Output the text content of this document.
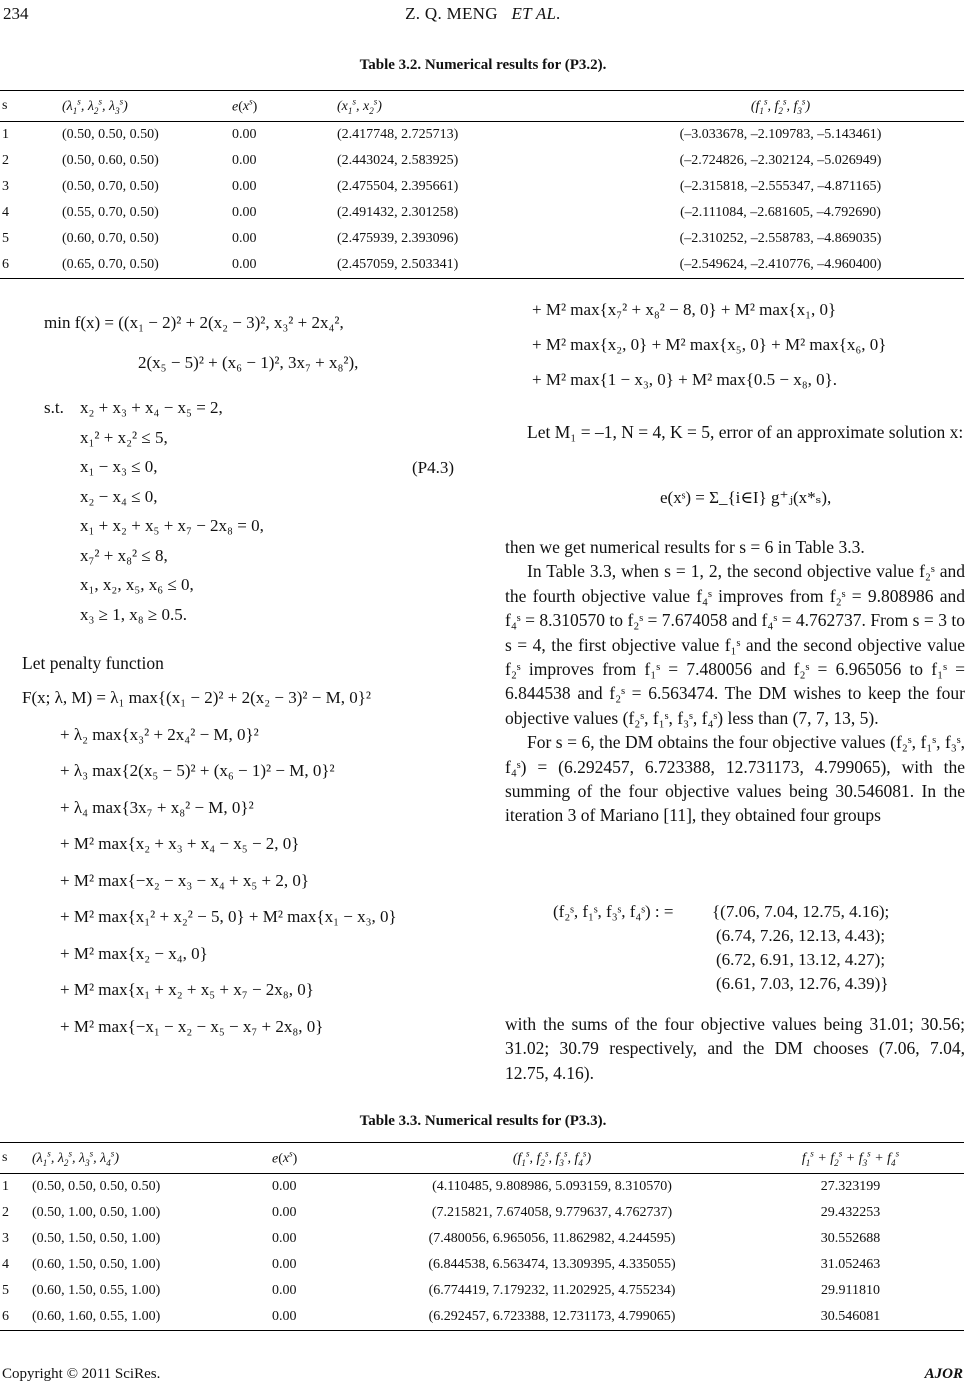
234	Z. Q. MENG ET AL.
Table 3.2. Numerical results for (P3.2).
s	($\lambda_1^s$, $\lambda_2^s$, $\lambda_3^s$)	$e(x^s)$	($x_1^s$, $x_2^s$)	($f_1^s$, $f_2^s$, $f_3^s$)
1	(0.50, 0.50, 0.50)	0.00	(2.417748, 2.725713)	(–3.033678, –2.109783, –5.143461)
2	(0.50, 0.60, 0.50)	0.00	(2.443024, 2.583925)	(–2.724826, –2.302124, –5.026949)
3	(0.50, 0.70, 0.50)	0.00	(2.475504, 2.395661)	(–2.315818, –2.555347, –4.871165)
4	(0.55, 0.70, 0.50)	0.00	(2.491432, 2.301258)	(–2.111084, –2.681605, –4.792690)
5	(0.60, 0.70, 0.50)	0.00	(2.475939, 2.393096)	(–2.310252, –2.558783, –4.869035)
6	(0.65, 0.70, 0.50)	0.00	(2.457059, 2.503341)	(–2.549624, –2.410776, –4.960400)
min f(x) = ((x₁ − 2)² + 2(x₂ − 3)², x₃² + 2x₄²,
2(x₅ − 5)² + (x₆ − 1)², 3x₇ + x₈²),
s.t. x₂ + x₃ + x₄ − x₅ = 2,
x₁² + x₂² ≤ 5,
x₁ − x₃ ≤ 0,
x₂ − x₄ ≤ 0,
x₁ + x₂ + x₅ + x₇ − 2x₈ = 0,
x₇² + x₈² ≤ 8,
x₁, x₂, x₅, x₆ ≤ 0,
x₃ ≥ 1, x₈ ≥ 0.5.
(P4.3)
Let penalty function
F(x; λ, M) = λ₁ max{(x₁ − 2)² + 2(x₂ − 3)² − M, 0}²
+ λ₂ max{x₃² + 2x₄² − M, 0}²
+ λ₃ max{2(x₅ − 5)² + (x₆ − 1)² − M, 0}²
+ λ₄ max{3x₇ + x₈² − M, 0}²
+ M² max{x₂ + x₃ + x₄ − x₅ − 2, 0}
+ M² max{−x₂ − x₃ − x₄ + x₅ + 2, 0}
+ M² max{x₁² + x₂² − 5, 0} + M² max{x₁ − x₃, 0}
+ M² max{x₂ − x₄, 0}
+ M² max{x₁ + x₂ + x₅ + x₇ − 2x₈, 0}
+ M² max{−x₁ − x₂ − x₅ − x₇ + 2x₈, 0}
+ M² max{x₇² + x₈² − 8, 0} + M² max{x₁, 0}
+ M² max{x₂, 0} + M² max{x₅, 0} + M² max{x₆, 0}
+ M² max{1 − x₃, 0} + M² max{0.5 − x₈, 0}.

Let M₁ = –1, N = 4, K = 5, error of an approximate solution x:

e(xˢ) = Σ_{i∈I} g⁺ⱼ(x*ₛ),

then we get numerical results for s = 6 in Table 3.3.

In Table 3.3, when s = 1, 2, the second objective value f₂ˢ and the fourth objective value f₄ˢ improves from f₂ˢ = 9.808986 and f₄ˢ = 8.310570 to f₂ˢ = 7.674058 and f₄ˢ = 4.762737. From s = 3 to s = 4, the first objective value f₁ˢ and the second objective value f₂ˢ improves from f₁ˢ = 7.480056 and f₂ˢ = 6.965056 to f₁ˢ = 6.844538 and f₂ˢ = 6.563474. The DM wishes to keep the four objective values (f₂ˢ, f₁ˢ, f₃ˢ, f₄ˢ) less than (7, 7, 13, 5).

For s = 6, the DM obtains the four objective values (f₂ˢ, f₁ˢ, f₃ˢ, f₄ˢ) = (6.292457, 6.723388, 12.731173, 4.799065), with the summing of the four objective values being 30.546081. In the iteration 3 of Mariano [11], they obtained four groups

(f₂ˢ, f₁ˢ, f₃ˢ, f₄ˢ) : = {(7.06, 7.04, 12.75, 4.16);
(6.74, 7.26, 12.13, 4.43);
(6.72, 6.91, 13.12, 4.27);
(6.61, 7.03, 12.76, 4.39)}

with the sums of the four objective values being 31.01; 30.56; 31.02; 30.79 respectively, and the DM chooses (7.06, 7.04, 12.75, 4.16).

Table 3.3. Numerical results for (P3.3).
s	($\lambda_1^s$, $\lambda_2^s$, $\lambda_3^s$, $\lambda_4^s$)	$e(x^s)$	($f_1^s$, $f_2^s$, $f_3^s$, $f_4^s$)	$f_1^s + f_2^s + f_3^s + f_4^s$
1	(0.50, 0.50, 0.50, 0.50)	0.00	(4.110485, 9.808986, 5.093159, 8.310570)	27.323199
2	(0.50, 1.00, 0.50, 1.00)	0.00	(7.215821, 7.674058, 9.779637, 4.762737)	29.432253
3	(0.50, 1.50, 0.50, 1.00)	0.00	(7.480056, 6.965056, 11.862982, 4.244595)	30.552688
4	(0.60, 1.50, 0.50, 1.00)	0.00	(6.844538, 6.563474, 13.309395, 4.335055)	31.052463
5	(0.60, 1.50, 0.55, 1.00)	0.00	(6.774419, 7.179232, 11.202925, 4.755234)	29.911810
6	(0.60, 1.60, 0.55, 1.00)	0.00	(6.292457, 6.723388, 12.731173, 4.799065)	30.546081
Copyright © 2011 SciRes.	AJOR
